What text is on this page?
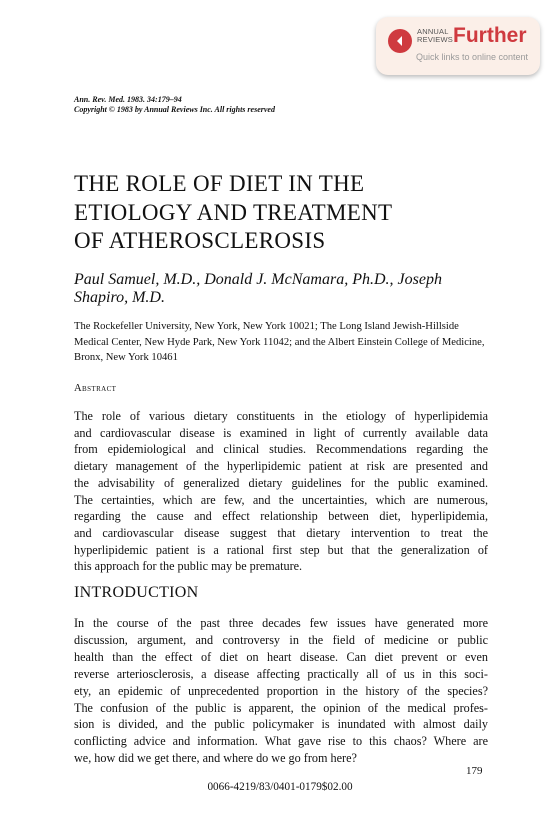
ANNUAL
REVIEWS Further
Quick links to online content
Ann. Rev. Med. 1983. 34:179–94
Copyright © 1983 by Annual Reviews Inc. All rights reserved
THE ROLE OF DIET IN THE
ETIOLOGY AND TREATMENT
OF ATHEROSCLEROSIS
Paul Samuel, M.D., Donald J. McNamara, Ph.D., Joseph Shapiro, M.D.
The Rockefeller University, New York, New York 10021; The Long Island Jewish-Hillside Medical Center, New Hyde Park, New York 11042; and the Albert Einstein College of Medicine, Bronx, New York 10461
Abstract
The role of various dietary constituents in the etiology of hyperlipidemia
and cardiovascular disease is examined in light of currently available data
from epidemiological and clinical studies. Recommendations regarding the
dietary management of the hyperlipidemic patient at risk are presented and
the advisability of generalized dietary guidelines for the public examined.
The certainties, which are few, and the uncertainties, which are numerous,
regarding the cause and effect relationship between diet, hyperlipidemia,
and cardiovascular disease suggest that dietary intervention to treat the
hyperlipidemic patient is a rational first step but that the generalization of
this approach for the public may be premature.
INTRODUCTION
In the course of the past three decades few issues have generated more
discussion, argument, and controversy in the field of medicine or public
health than the effect of diet on heart disease. Can diet prevent or even
reverse arteriosclerosis, a disease affecting practically all of us in this soci-
ety, an epidemic of unprecedented proportion in the history of the species?
The confusion of the public is apparent, the opinion of the medical profes-
sion is divided, and the public policymaker is inundated with almost daily
conflicting advice and information. What gave rise to this chaos? Where are
we, how did we get there, and where do we go from here?
179
0066-4219/83/0401-0179$02.00
